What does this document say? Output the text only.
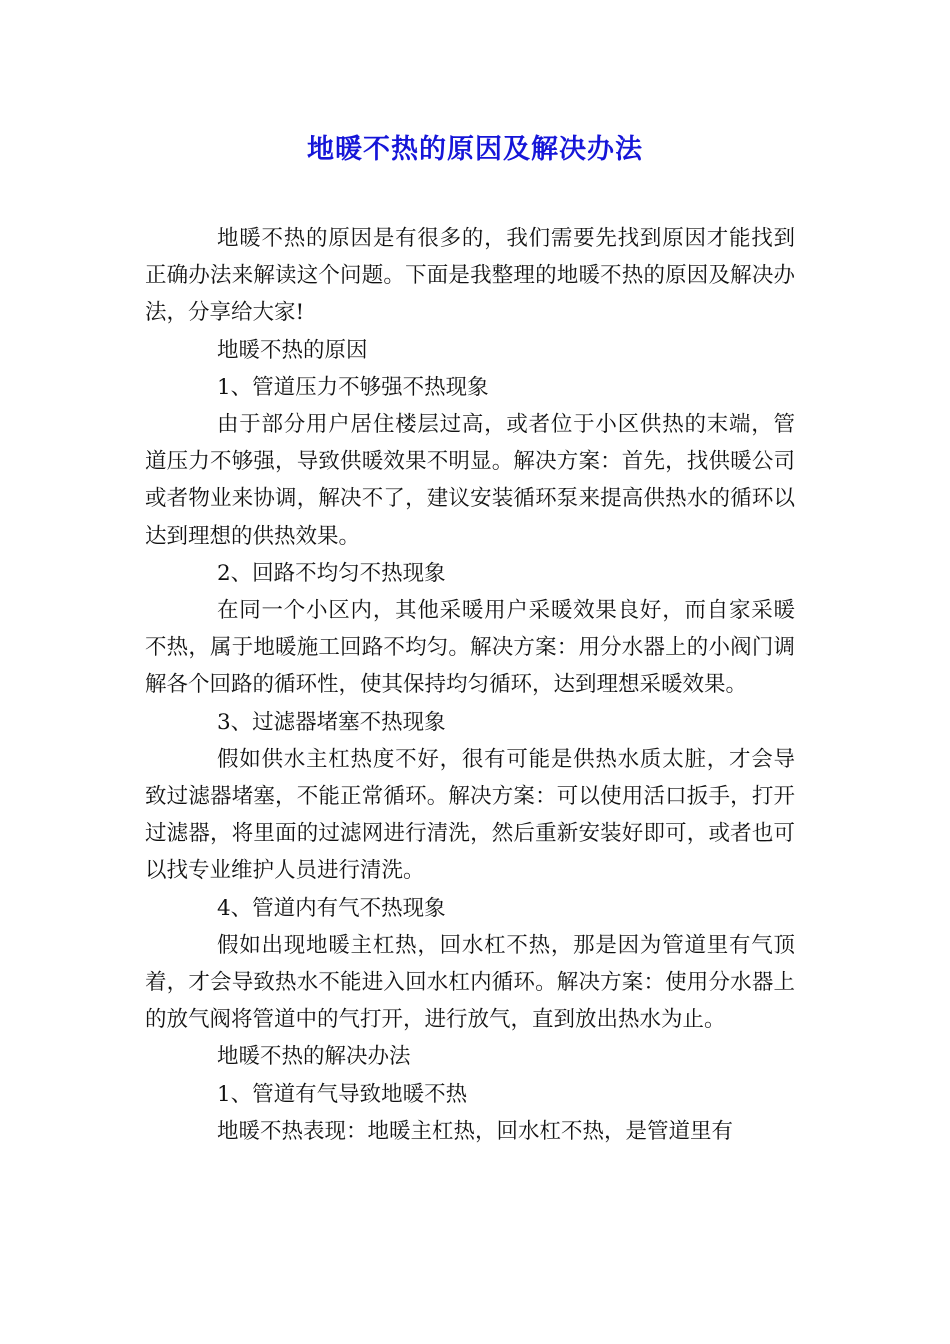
地暖不热的原因及解决办法

地暖不热的原因是有很多的，我们需要先找到原因才能找到正确办法来解读这个问题。下面是我整理的地暖不热的原因及解决办法，分享给大家!

地暖不热的原因

1、管道压力不够强不热现象

由于部分用户居住楼层过高，或者位于小区供热的末端，管道压力不够强，导致供暖效果不明显。解决方案：首先，找供暖公司或者物业来协调，解决不了，建议安装循环泵来提高供热水的循环以达到理想的供热效果。

2、回路不均匀不热现象

在同一个小区内，其他采暖用户采暖效果良好，而自家采暖不热，属于地暖施工回路不均匀。解决方案：用分水器上的小阀门调解各个回路的循环性，使其保持均匀循环，达到理想采暖效果。

3、过滤器堵塞不热现象

假如供水主杠热度不好，很有可能是供热水质太脏，才会导致过滤器堵塞，不能正常循环。解决方案：可以使用活口扳手，打开过滤器，将里面的过滤网进行清洗，然后重新安装好即可，或者也可以找专业维护人员进行清洗。

4、管道内有气不热现象

假如出现地暖主杠热，回水杠不热，那是因为管道里有气顶着，才会导致热水不能进入回水杠内循环。解决方案：使用分水器上的放气阀将管道中的气打开，进行放气，直到放出热水为止。

地暖不热的解决办法

1、管道有气导致地暖不热

地暖不热表现：地暖主杠热，回水杠不热，是管道里有
